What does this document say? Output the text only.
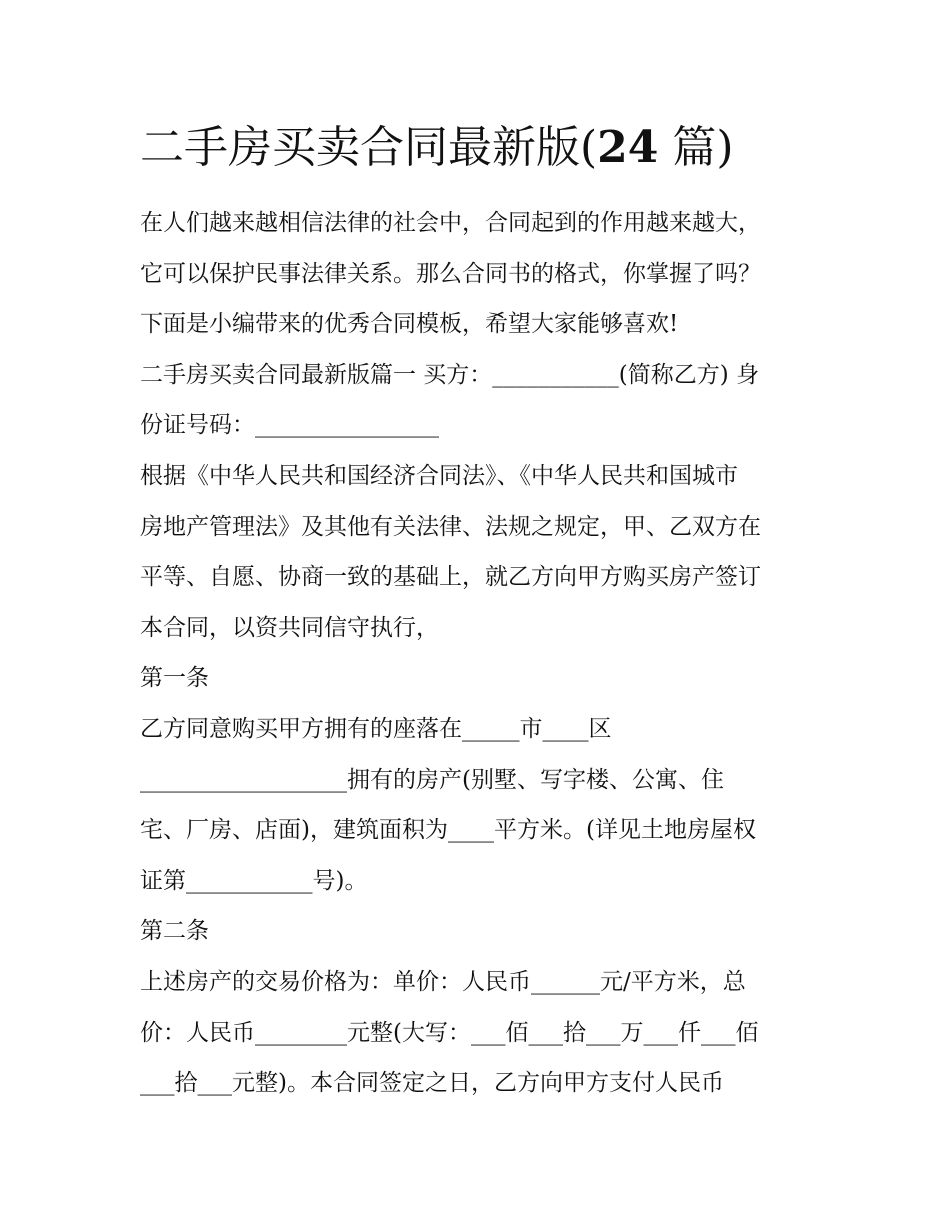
二手房买卖合同最新版(24 篇)
在人们越来越相信法律的社会中，合同起到的作用越来越大，
它可以保护民事法律关系。那么合同书的格式，你掌握了吗？
下面是小编带来的优秀合同模板，希望大家能够喜欢!
二手房买卖合同最新版篇一 买方：___________(简称乙方) 身
份证号码：________________
根据《中华人民共和国经济合同法》、《中华人民共和国城市
房地产管理法》及其他有关法律、法规之规定，甲、乙双方在
平等、自愿、协商一致的基础上，就乙方向甲方购买房产签订
本合同，以资共同信守执行，
第一条
乙方同意购买甲方拥有的座落在_____市____区
__________________拥有的房产(别墅、写字楼、公寓、住
宅、厂房、店面)，建筑面积为____平方米。(详见土地房屋权
证第___________号)。
第二条
上述房产的交易价格为：单价：人民币______元/平方米，总
价：人民币________元整(大写：___佰___拾___万___仟___佰
___拾___元整)。本合同签定之日，乙方向甲方支付人民币
